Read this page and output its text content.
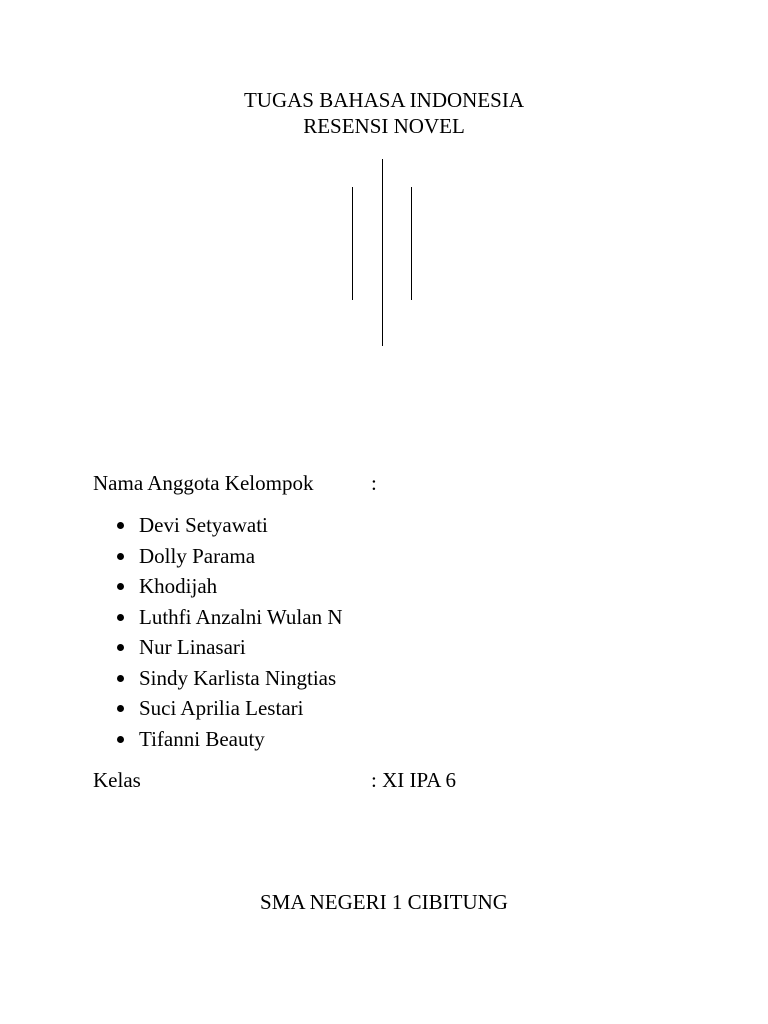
TUGAS BAHASA INDONESIA
RESENSI NOVEL
Nama Anggota Kelompok	:
Devi Setyawati
Dolly Parama
Khodijah
Luthfi Anzalni Wulan N
Nur Linasari
Sindy Karlista Ningtias
Suci Aprilia Lestari
Tifanni Beauty
Kelas	: XI IPA 6
SMA NEGERI 1 CIBITUNG
